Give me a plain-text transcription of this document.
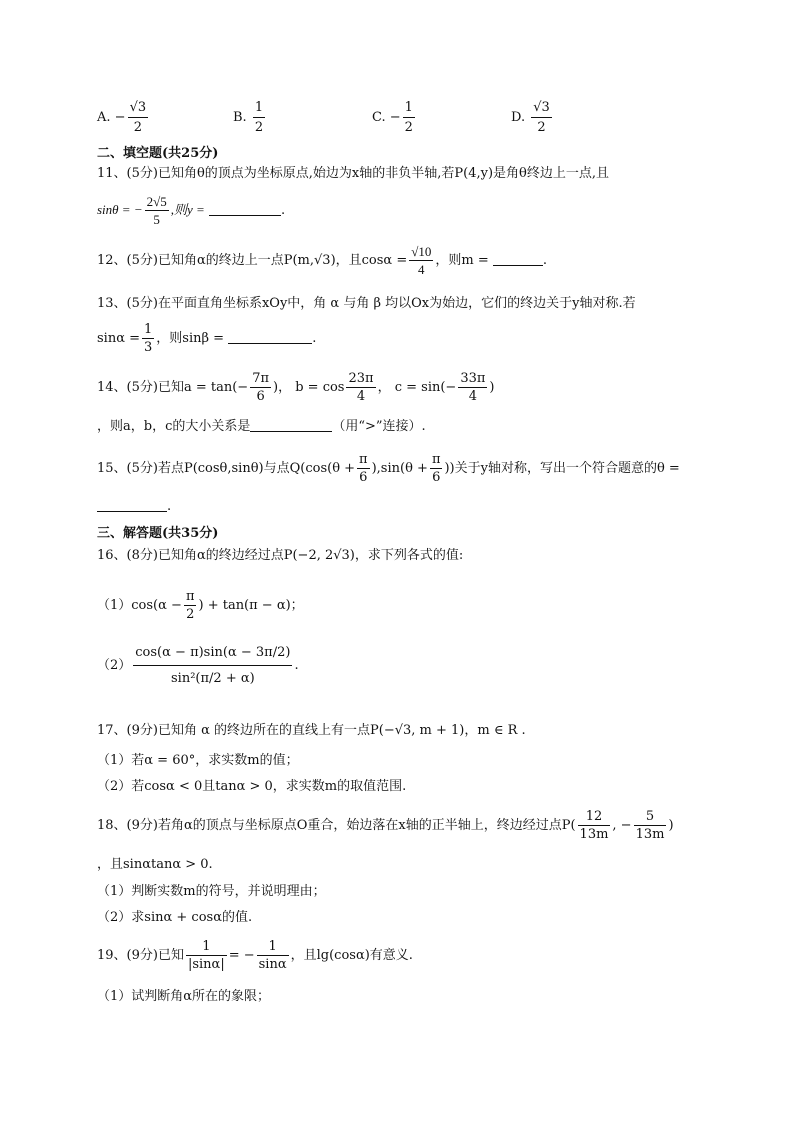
A. − $\frac{√3}{2}$	B. $\frac{1}{2}$	C. − $\frac{1}{2}$	D. $\frac{√3}{2}$
二、填空题(共25分)
11、(5分)已知角θ的顶点为坐标原点,始边为x轴的非负半轴,若P(4,y)是角θ终边上一点,且
sinθ = − $\frac{2√5}{5}$ ,则y =	.
12、(5分)已知角α的终边上一点P(m,√3)，且$\cos\alpha = \frac{√10}{4}$ ，则m =	.
13、(5分)在平面直角坐标系xOy中，角 α 与角 β 均以Ox为始边，它们的终边关于y轴对称.若
$\sin\alpha = \frac{1}{3}$ ，则sinβ =	.
14、(5分)已知$a = \tan(- \frac{7\pi}{6}$ )， $b = \cos \frac{23\pi}{4}$ ， $c = \sin(- \frac{33\pi}{4}$ )
，则a，b，c的大小关系是	（用“>”连接）.
15、(5分)若点P(cosθ,sinθ)与点$Q(\cos(\theta + \frac{\pi}{6} ),\sin(\theta + \frac{\pi}{6}$ ))关于y轴对称，写出一个符合题意的θ =
.
三、解答题(共35分)
16、(8分)已知角α的终边经过点P(−2, 2√3)，求下列各式的值:
$(1)\cos(\alpha - \frac{\pi}{2}$ ) + tan(π − α)；
$(2) \frac{\cos(\alpha - \pi)\sin(\alpha - 3\pi/2)}{\text{sin²(π/2 + α)}}$ .
17、(9分)已知角 α 的终边所在的直线上有一点P(−√3, m + 1)，m ∈ R .
（1）若α = 60°，求实数m的值；
（2）若cosα < 0且tanα > 0，求实数m的取值范围.
18、(9分)若角α的顶点与坐标原点O重合，始边落在x轴的正半轴上，终边经过点$P( \frac{12}{13m}$ , − $\frac{5}{13m}$ )
，且sinαtanα > 0.
（1）判断实数m的符号，并说明理由；
（2）求sinα + cosα的值.
19、(9分)已知 $\frac{1}{|\sin\alpha|}$ = − $\frac{1}{\sin\alpha}$ ，且lg(cosα)有意义.
（1）试判断角α所在的象限；
